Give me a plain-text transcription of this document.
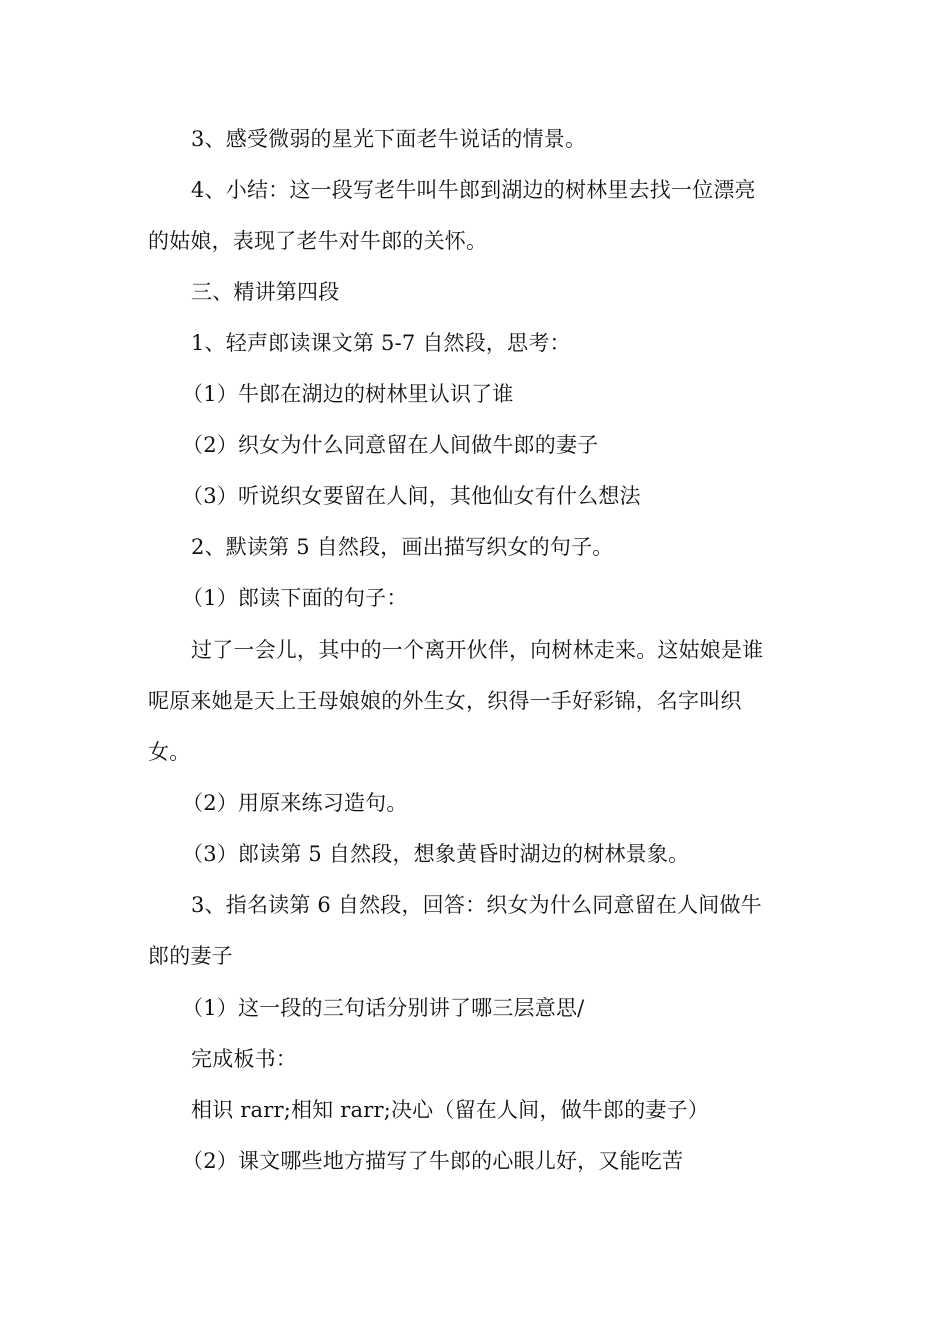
3、感受微弱的星光下面老牛说话的情景。
4、小结：这一段写老牛叫牛郎到湖边的树林里去找一位漂亮
的姑娘，表现了老牛对牛郎的关怀。
三、精讲第四段
1、轻声郎读课文第 5-7 自然段，思考：
（1）牛郎在湖边的树林里认识了谁
（2）织女为什么同意留在人间做牛郎的妻子
（3）听说织女要留在人间，其他仙女有什么想法
2、默读第 5 自然段，画出描写织女的句子。
（1）郎读下面的句子：
过了一会儿，其中的一个离开伙伴，向树林走来。这姑娘是谁
呢原来她是天上王母娘娘的外生女，织得一手好彩锦，名字叫织
女。
（2）用原来练习造句。
（3）郎读第 5 自然段，想象黄昏时湖边的树林景象。
3、指名读第 6 自然段，回答：织女为什么同意留在人间做牛
郎的妻子
（1）这一段的三句话分别讲了哪三层意思/
完成板书：
相识 rarr;相知 rarr;决心（留在人间，做牛郎的妻子）
（2）课文哪些地方描写了牛郎的心眼儿好，又能吃苦
